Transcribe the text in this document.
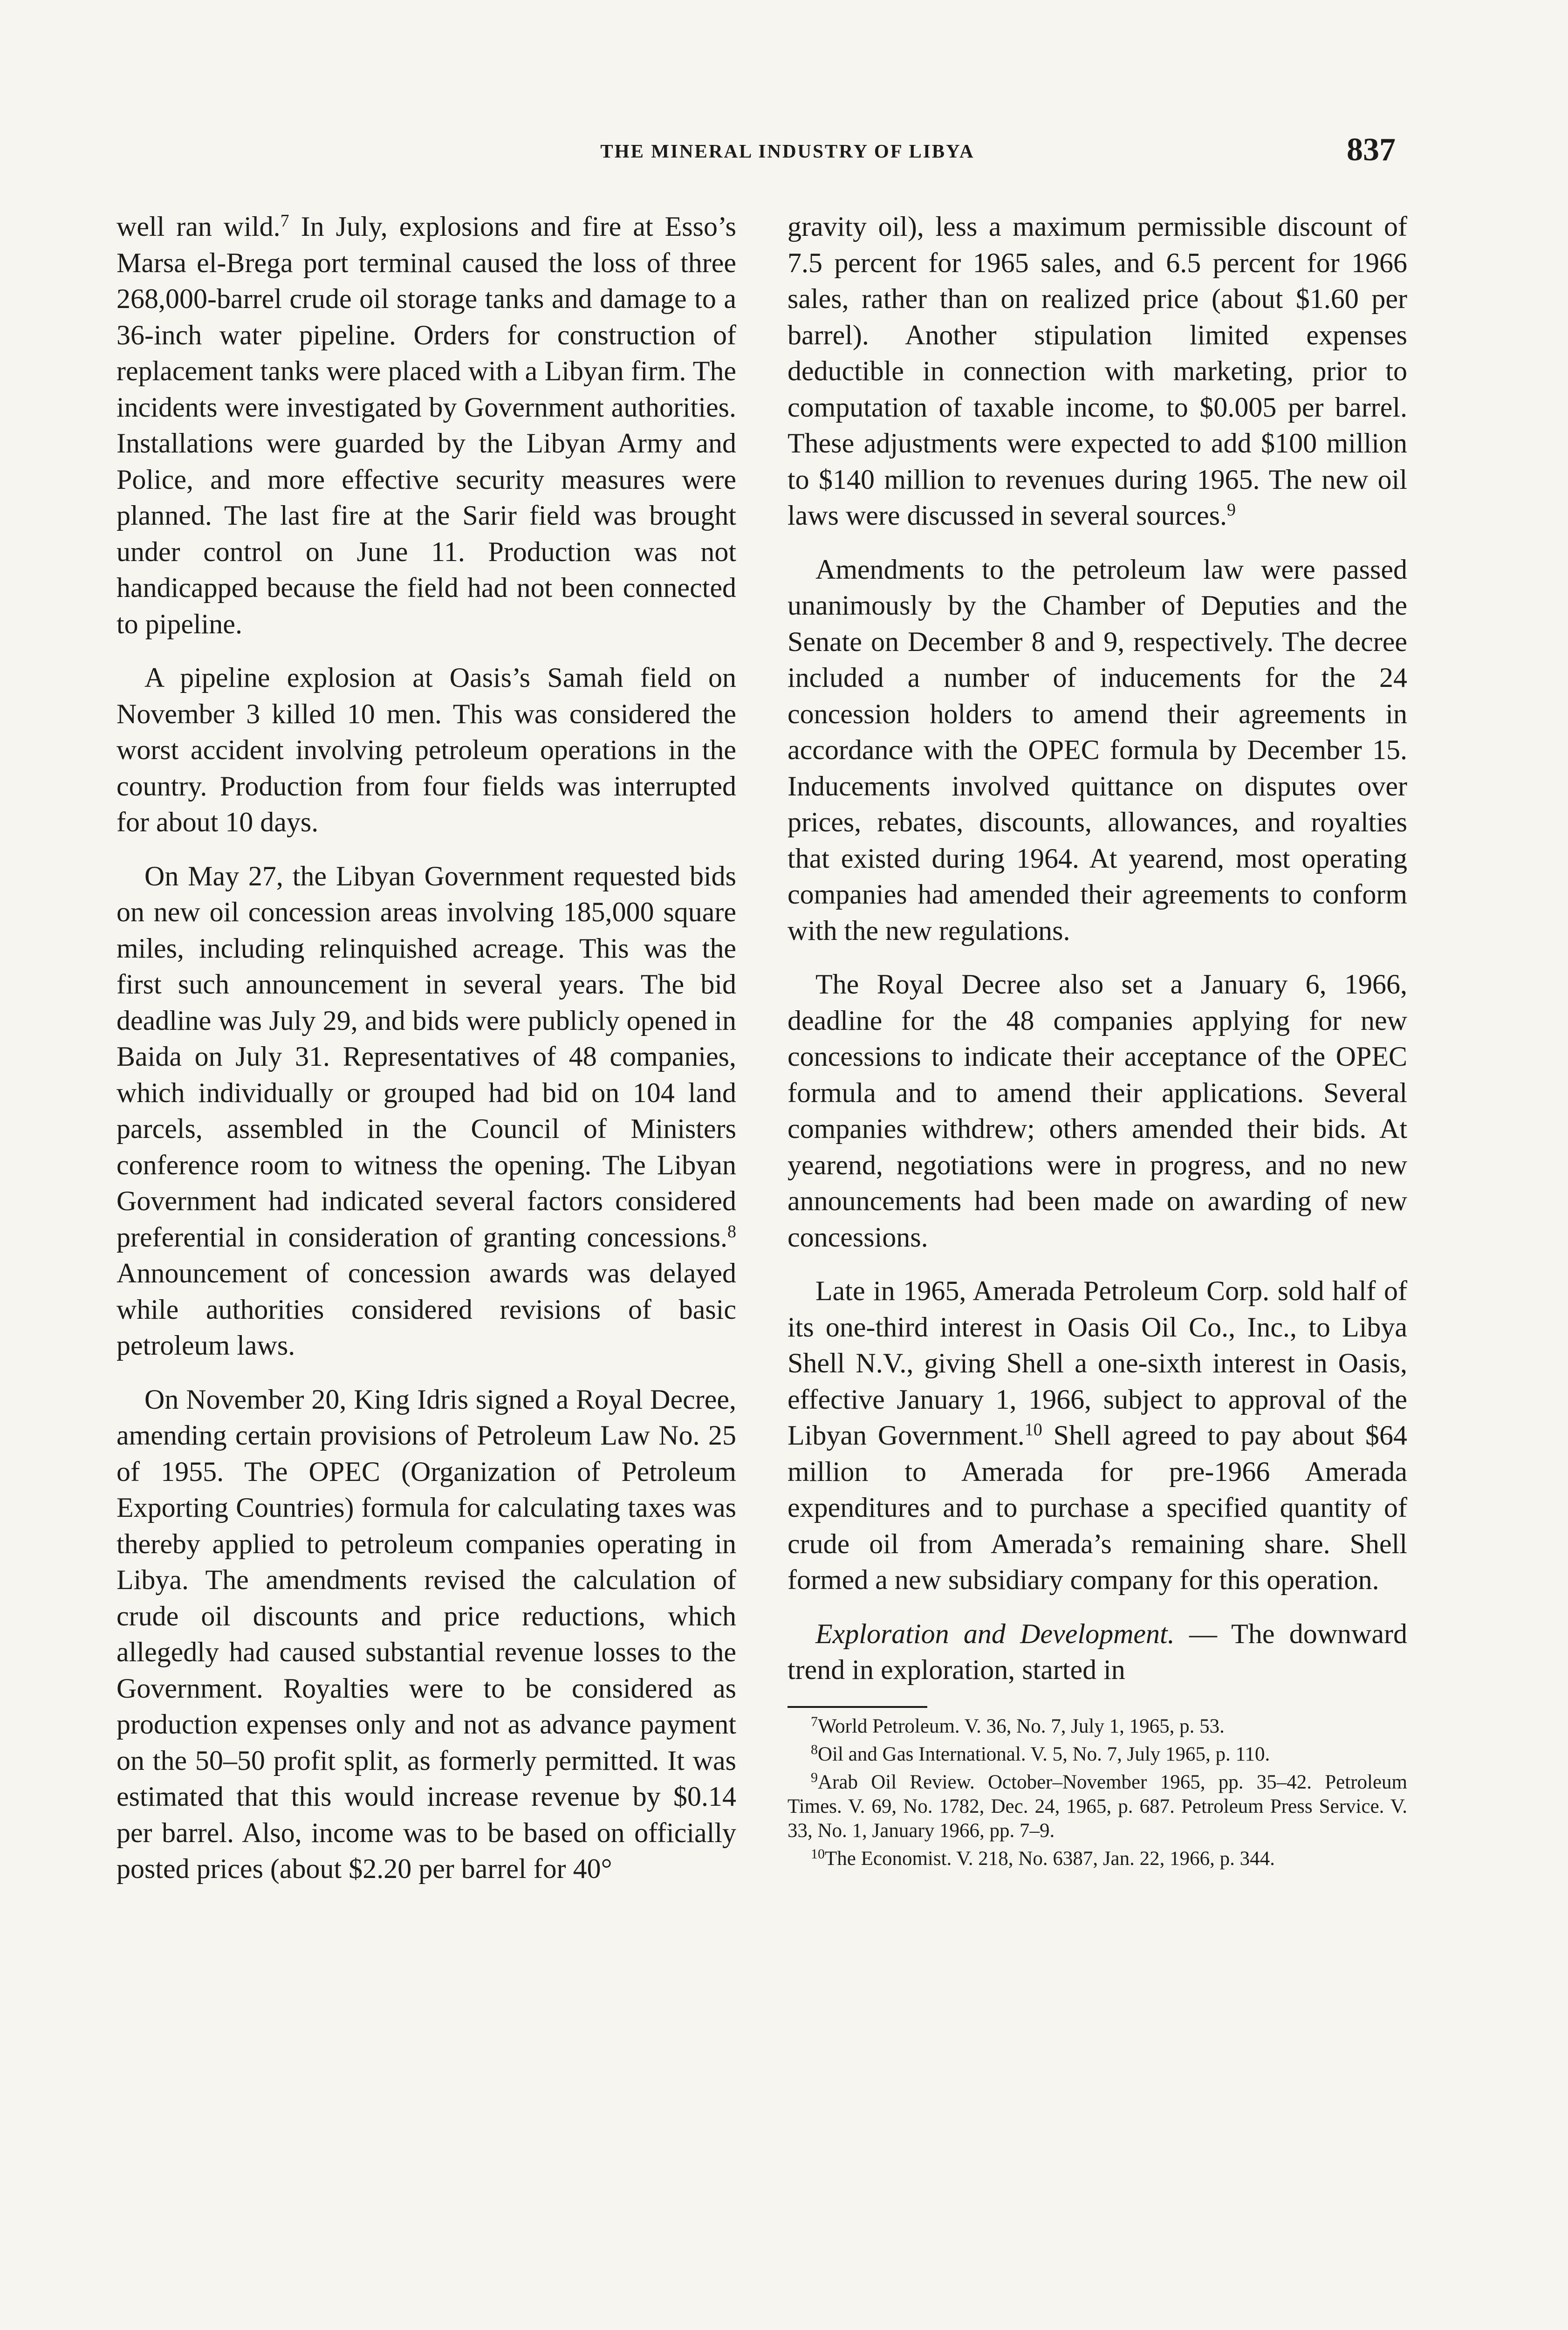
THE MINERAL INDUSTRY OF LIBYA	837

well ran wild.$^7$ In July, explosions and fire at Esso’s Marsa el-Brega port terminal caused the loss of three 268,000-barrel crude oil storage tanks and damage to a 36-inch water pipeline. Orders for construction of replacement tanks were placed with a Libyan firm. The incidents were investigated by Government authorities. Installations were guarded by the Libyan Army and Police, and more effective security measures were planned. The last fire at the Sarir field was brought under control on June 11. Production was not handicapped because the field had not been connected to pipeline.

A pipeline explosion at Oasis’s Samah field on November 3 killed 10 men. This was considered the worst accident involving petroleum operations in the country. Production from four fields was interrupted for about 10 days.

On May 27, the Libyan Government requested bids on new oil concession areas involving 185,000 square miles, including relinquished acreage. This was the first such announcement in several years. The bid deadline was July 29, and bids were publicly opened in Baida on July 31. Representatives of 48 companies, which individually or grouped had bid on 104 land parcels, assembled in the Council of Ministers conference room to witness the opening. The Libyan Government had indicated several factors considered preferential in consideration of granting concessions.$^8$ Announcement of concession awards was delayed while authorities considered revisions of basic petroleum laws.

On November 20, King Idris signed a Royal Decree, amending certain provisions of Petroleum Law No. 25 of 1955. The OPEC (Organization of Petroleum Exporting Countries) formula for calculating taxes was thereby applied to petroleum companies operating in Libya. The amendments revised the calculation of crude oil discounts and price reductions, which allegedly had caused substantial revenue losses to the Government. Royalties were to be considered as production expenses only and not as advance payment on the 50–50 profit split, as formerly permitted. It was estimated that this would increase revenue by $0.14 per barrel. Also, income was to be based on officially posted prices (about $2.20 per barrel for 40°

gravity oil), less a maximum permissible discount of 7.5 percent for 1965 sales, and 6.5 percent for 1966 sales, rather than on realized price (about $1.60 per barrel). Another stipulation limited expenses deductible in connection with marketing, prior to computation of taxable income, to $0.005 per barrel. These adjustments were expected to add $100 million to $140 million to revenues during 1965. The new oil laws were discussed in several sources.$^9$

Amendments to the petroleum law were passed unanimously by the Chamber of Deputies and the Senate on December 8 and 9, respectively. The decree included a number of inducements for the 24 concession holders to amend their agreements in accordance with the OPEC formula by December 15. Inducements involved quittance on disputes over prices, rebates, discounts, allowances, and royalties that existed during 1964. At yearend, most operating companies had amended their agreements to conform with the new regulations.

The Royal Decree also set a January 6, 1966, deadline for the 48 companies applying for new concessions to indicate their acceptance of the OPEC formula and to amend their applications. Several companies withdrew; others amended their bids. At yearend, negotiations were in progress, and no new announcements had been made on awarding of new concessions.

Late in 1965, Amerada Petroleum Corp. sold half of its one-third interest in Oasis Oil Co., Inc., to Libya Shell N.V., giving Shell a one-sixth interest in Oasis, effective January 1, 1966, subject to approval of the Libyan Government.$^{10}$ Shell agreed to pay about $64 million to Amerada for pre-1966 Amerada expenditures and to purchase a specified quantity of crude oil from Amerada’s remaining share. Shell formed a new subsidiary company for this operation.

Exploration and Development. — The downward trend in exploration, started in

$^7$World Petroleum. V. 36, No. 7, July 1, 1965, p. 53.

$^8$Oil and Gas International. V. 5, No. 7, July 1965, p. 110.

$^9$Arab Oil Review. October–November 1965, pp. 35–42. Petroleum Times. V. 69, No. 1782, Dec. 24, 1965, p. 687. Petroleum Press Service. V. 33, No. 1, January 1966, pp. 7–9.

$^{10}$The Economist. V. 218, No. 6387, Jan. 22, 1966, p. 344.
